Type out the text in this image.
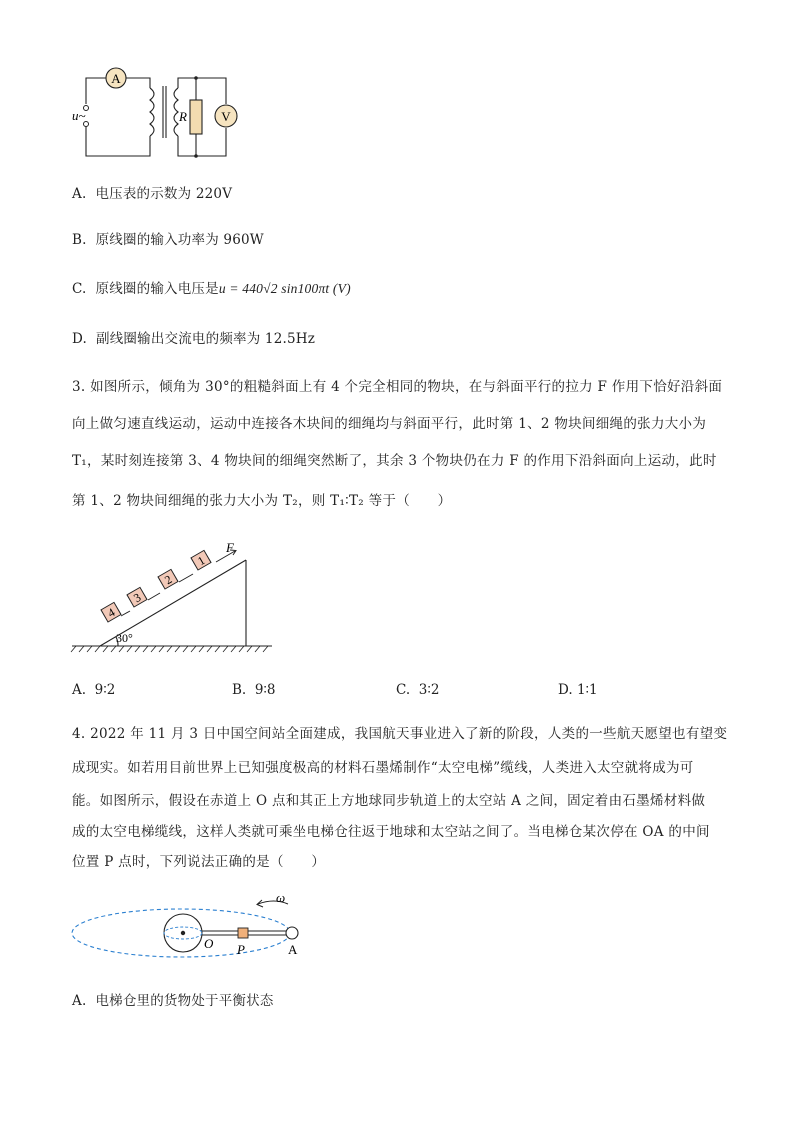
A
V
R
u~
A. 电压表的示数为 220V
B. 原线圈的输入功率为 960W
C. 原线圈的输入电压是u = 440√2 sin100πt (V)
D. 副线圈输出交流电的频率为 12.5Hz
3. 如图所示，倾角为 30°的粗糙斜面上有 4 个完全相同的物块，在与斜面平行的拉力 F 作用下恰好沿斜面
向上做匀速直线运动，运动中连接各木块间的细绳均与斜面平行，此时第 1、2 物块间细绳的张力大小为
T₁，某时刻连接第 3、4 物块间的细绳突然断了，其余 3 个物块仍在力 F 的作用下沿斜面向上运动，此时
第 1、2 物块间细绳的张力大小为 T₂，则 T₁∶T₂ 等于（　　）
4
3
2
1
F
30°
A. 9∶2	B. 9∶8	C. 3∶2	D. 1∶1
4. 2022 年 11 月 3 日中国空间站全面建成，我国航天事业进入了新的阶段，人类的一些航天愿望也有望变
成现实。如若用目前世界上已知强度极高的材料石墨烯制作“太空电梯”缆线，人类进入太空就将成为可
能。如图所示，假设在赤道上 O 点和其正上方地球同步轨道上的太空站 A 之间，固定着由石墨烯材料做
成的太空电梯缆线，这样人类就可乘坐电梯仓往返于地球和太空站之间了。当电梯仓某次停在 OA 的中间
位置 P 点时，下列说法正确的是（　　）
ω
O P	A
A. 电梯仓里的货物处于平衡状态
